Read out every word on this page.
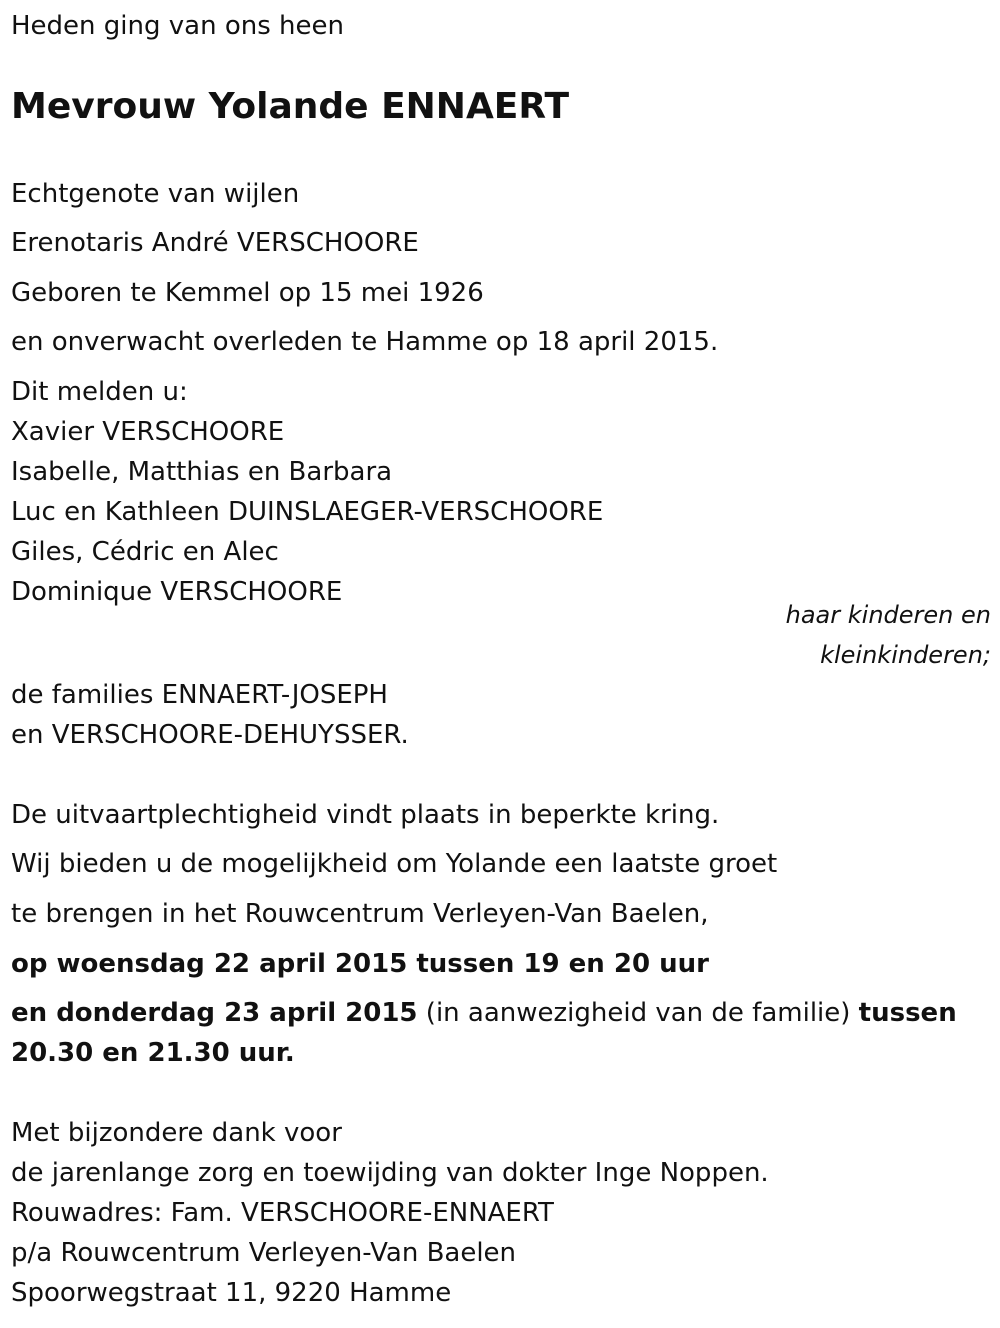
Heden ging van ons heen

Mevrouw Yolande ENNAERT

Echtgenote van wijlen

Erenotaris André VERSCHOORE

Geboren te Kemmel op 15 mei 1926

en onverwacht overleden te Hamme op 18 april 2015.

Dit melden u:

Xavier VERSCHOORE

Isabelle, Matthias en Barbara

Luc en Kathleen DUINSLAEGER-VERSCHOORE

Giles, Cédric en Alec

Dominique VERSCHOORE

haar kinderen en

kleinkinderen;

de families ENNAERT-JOSEPH

en VERSCHOORE-DEHUYSSER.

De uitvaartplechtigheid vindt plaats in beperkte kring.

Wij bieden u de mogelijkheid om Yolande een laatste groet

te brengen in het Rouwcentrum Verleyen-Van Baelen,

op woensdag 22 april 2015 tussen 19 en 20 uur

en donderdag 23 april 2015 (in aanwezigheid van de familie) tussen

20.30 en 21.30 uur.

Met bijzondere dank voor

de jarenlange zorg en toewijding van dokter Inge Noppen.

Rouwadres: Fam. VERSCHOORE-ENNAERT

p/a Rouwcentrum Verleyen-Van Baelen

Spoorwegstraat 11, 9220 Hamme
